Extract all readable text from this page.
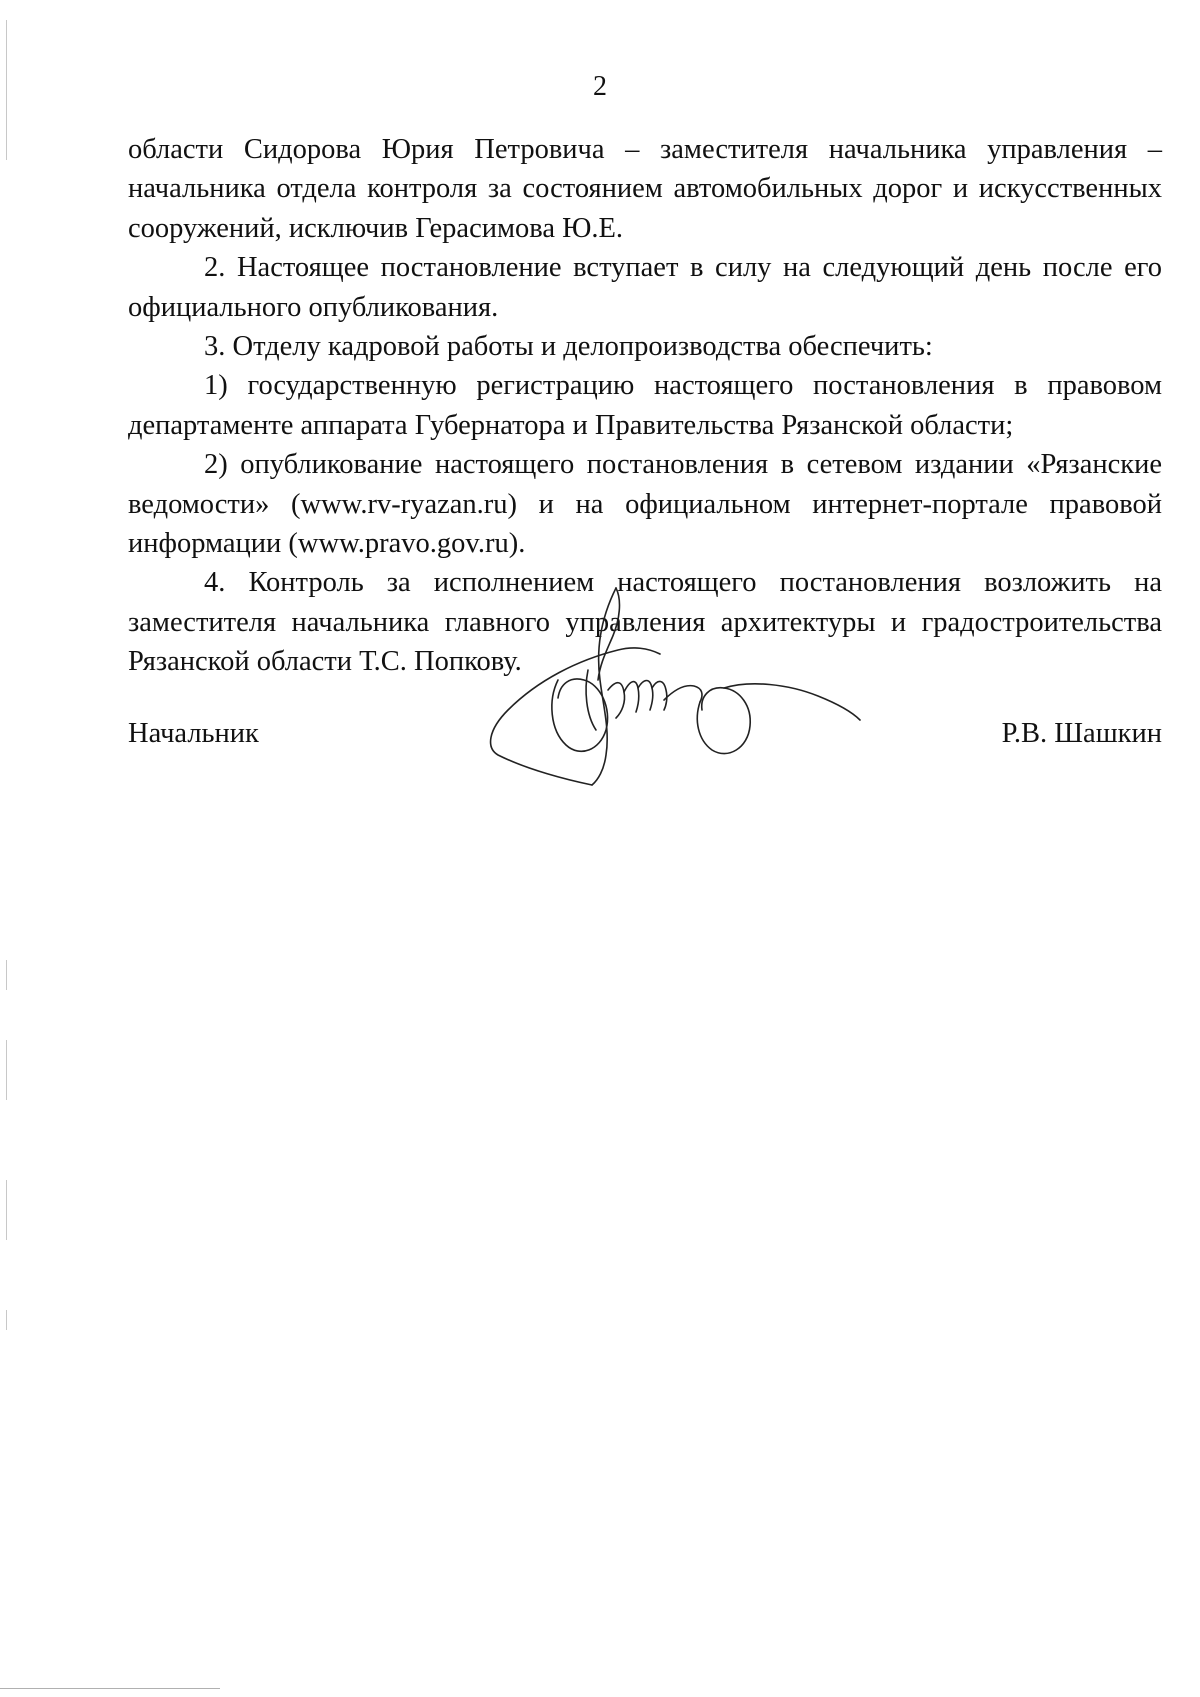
2

области Сидорова Юрия Петровича – заместителя начальника управления – начальника отдела контроля за состоянием автомобильных дорог и искусственных сооружений, исключив Герасимова Ю.Е.

2. Настоящее постановление вступает в силу на следующий день после его официального опубликования.

3. Отделу кадровой работы и делопроизводства обеспечить:

1) государственную регистрацию настоящего постановления в правовом департаменте аппарата Губернатора и Правительства Рязанской области;

2) опубликование настоящего постановления в сетевом издании «Рязанские ведомости» (www.rv-ryazan.ru) и на официальном интернет-портале правовой информации (www.pravo.gov.ru).

4. Контроль за исполнением настоящего постановления возложить на заместителя начальника главного управления архитектуры и градостроительства Рязанской области Т.С. Попкову.

Начальник	Р.В. Шашкин
